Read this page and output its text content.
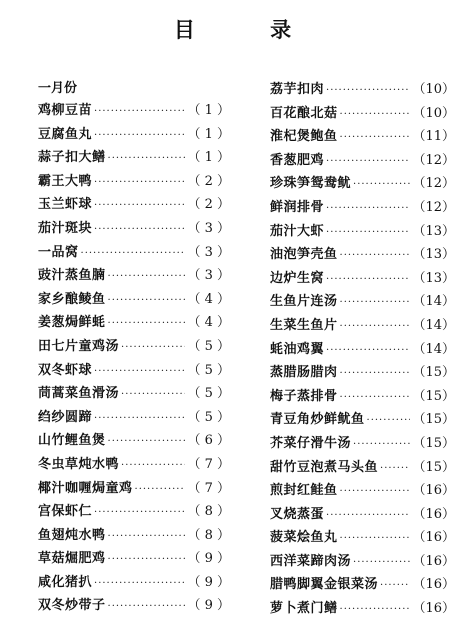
目 录
一月份
鸡柳豆苗 ·····	（ 1 ）
豆腐鱼丸 ·····	（ 1 ）
蒜子扣大鳝 ·····	（ 1 ）
霸王大鸭 ·····	（ 2 ）
玉兰虾球 ·····	（ 2 ）
茄汁斑块 ·····	（ 3 ）
一品窝 ·····	（ 3 ）
豉汁蒸鱼腩 ·····	（ 3 ）
家乡酿鲮鱼 ·····	（ 4 ）
姜葱焗鲜蚝 ·····	（ 4 ）
田七片童鸡汤 ·····	（ 5 ）
双冬虾球 ·····	（ 5 ）
茼蒿菜鱼滑汤 ·····	（ 5 ）
绉纱圆蹄 ·····	（ 5 ）
山竹鲤鱼煲 ·····	（ 6 ）
冬虫草炖水鸭 ·····	（ 7 ）
椰汁咖喱焗童鸡 ·····	（ 7 ）
宫保虾仁 ·····	（ 8 ）
鱼翅炖水鸭 ·····	（ 8 ）
草菇煀肥鸡 ·····	（ 9 ）
咸化猪扒 ·····	（ 9 ）
双冬炒带子 ·····	（ 9 ）
荔芋扣肉 ·····	（10）
百花酿北菇 ·····	（10）
淮杞煲鲍鱼 ·····	（11）
香葱肥鸡 ·····	（12）
珍珠笋鸳鸯鱿 ·····	（12）
鲜润排骨 ·····	（12）
茄汁大虾 ·····	（13）
油泡笋壳鱼 ·····	（13）
边炉生窝 ·····	（13）
生鱼片连汤 ·····	（14）
生菜生鱼片 ·····	（14）
蚝油鸡翼 ·····	（14）
蒸腊肠腊肉 ·····	（15）
梅子蒸排骨 ·····	（15）
青豆角炒鲜鱿鱼 ·····	（15）
芥菜仔滑牛汤 ·····	（15）
甜竹豆泡煮马头鱼 ·····	（15）
煎封红鲑鱼 ·····	（16）
叉烧蒸蛋 ·····	（16）
菠菜烩鱼丸 ·····	（16）
西洋菜蹄肉汤 ·····	（16）
腊鸭脚翼金银菜汤 ·····	（16）
萝卜煮门鳝 ·····	（16）
